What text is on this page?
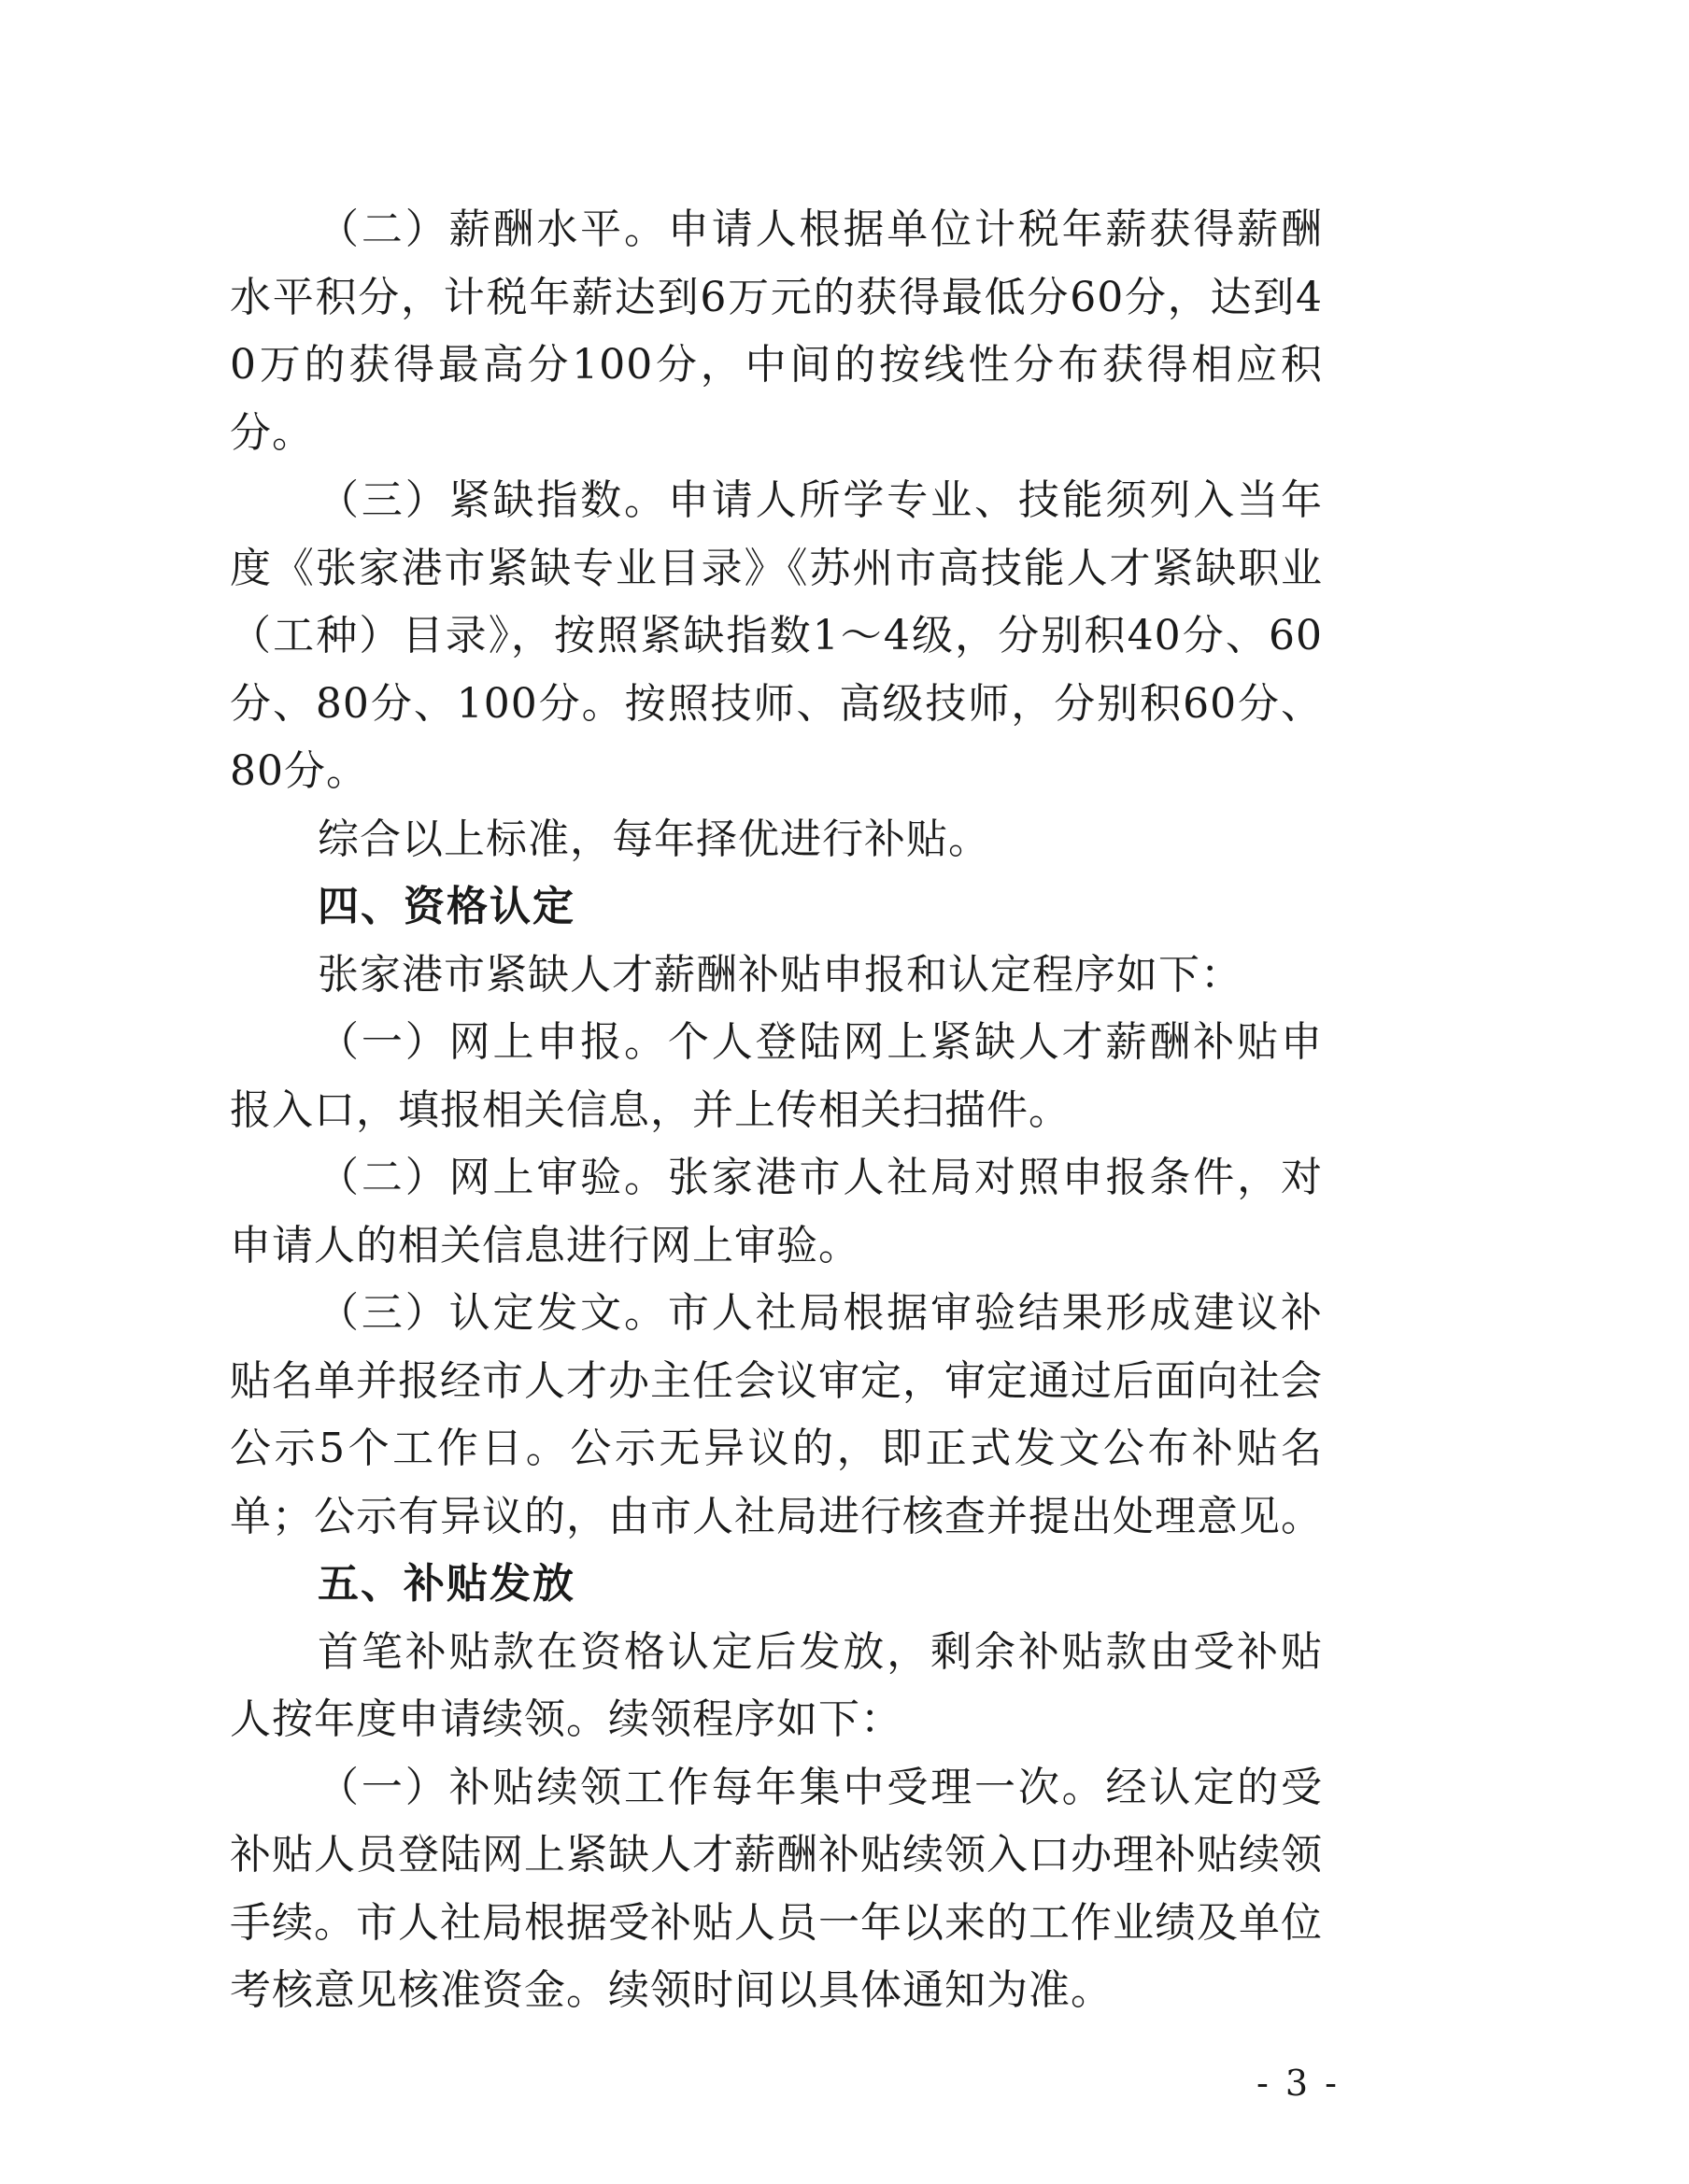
（二）薪酬水平。申请人根据单位计税年薪获得薪酬水平积分，计税年薪达到6万元的获得最低分60分，达到40万的获得最高分100分，中间的按线性分布获得相应积分。

（三）紧缺指数。申请人所学专业、技能须列入当年度《张家港市紧缺专业目录》《苏州市高技能人才紧缺职业（工种）目录》，按照紧缺指数1～4级，分别积40分、60分、80分、100分。按照技师、高级技师，分别积60分、80分。

综合以上标准，每年择优进行补贴。

四、资格认定

张家港市紧缺人才薪酬补贴申报和认定程序如下：

（一）网上申报。个人登陆网上紧缺人才薪酬补贴申报入口，填报相关信息，并上传相关扫描件。

（二）网上审验。张家港市人社局对照申报条件，对申请人的相关信息进行网上审验。

（三）认定发文。市人社局根据审验结果形成建议补贴名单并报经市人才办主任会议审定，审定通过后面向社会公示5个工作日。公示无异议的，即正式发文公布补贴名单；公示有异议的，由市人社局进行核查并提出处理意见。

五、补贴发放

首笔补贴款在资格认定后发放，剩余补贴款由受补贴人按年度申请续领。续领程序如下：

（一）补贴续领工作每年集中受理一次。经认定的受补贴人员登陆网上紧缺人才薪酬补贴续领入口办理补贴续领手续。市人社局根据受补贴人员一年以来的工作业绩及单位考核意见核准资金。续领时间以具体通知为准。

- 3 -
